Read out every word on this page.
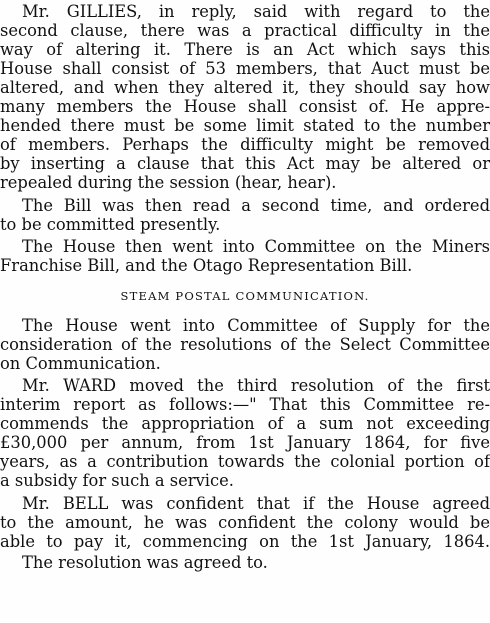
Mr. GILLIES, in reply, said with regard to the
second clause, there was a practical difficulty in the
way of altering it. There is an Act which says this
House shall consist of 53 members, that Auct must be
altered, and when they altered it, they should say how
many members the House shall consist of. He appre-
hended there must be some limit stated to the number
of members. Perhaps the difficulty might be removed
by inserting a clause that this Act may be altered or
repealed during the session (hear, hear).
The Bill was then read a second time, and ordered
to be committed presently.
The House then went into Committee on the Miners
Franchise Bill, and the Otago Representation Bill.
STEAM POSTAL COMMUNICATION.
The House went into Committee of Supply for the
consideration of the resolutions of the Select Committee
on Communication.
Mr. WARD moved the third resolution of the first
interim report as follows:—" That this Committee re-
commends the appropriation of a sum not exceeding
£30,000 per annum, from 1st January 1864, for five
years, as a contribution towards the colonial portion of
a subsidy for such a service.
Mr. BELL was confident that if the House agreed
to the amount, he was confident the colony would be
able to pay it, commencing on the 1st January, 1864.
The resolution was agreed to.
